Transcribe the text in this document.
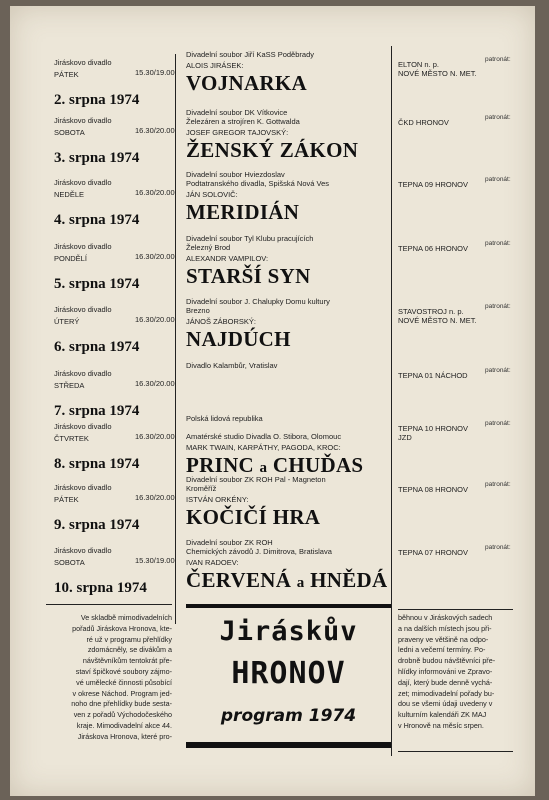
Jiráskovo divadlo
PÁTEK	15.30/19.00
2. srpna 1974
Divadelní soubor Jiří KaSS Poděbrady
ALOIS JIRÁSEK:
VOJNARKA
patronát:
ELTON n. p.
NOVÉ MĚSTO N. MET.
Jiráskovo divadlo
SOBOTA	16.30/20.00
3. srpna 1974
Divadelní soubor DK Vítkovice
Železáren a strojíren K. Gottwalda
JOSEF GREGOR TAJOVSKÝ:
ŽENSKÝ ZÁKON
patronát:
ČKD HRONOV
Jiráskovo divadlo
NEDĚLE	16.30/20.00
4. srpna 1974
Divadelní soubor Hviezdoslav
Podtatranského divadla, Spišská Nová Ves
JÁN SOLOVIČ:
MERIDIÁN
patronát:
TEPNA 09 HRONOV
Jiráskovo divadlo
PONDĚLÍ	16.30/20.00
5. srpna 1974
Divadelní soubor Tyl Klubu pracujících
Železný Brod
ALEXANDR VAMPILOV:
STARŠÍ SYN
patronát:
TEPNA 06 HRONOV
Jiráskovo divadlo
ÚTERÝ	16.30/20.00
6. srpna 1974
Divadelní soubor J. Chalupky Domu kultury
Brezno
JÁNOŠ ZÁBORSKÝ:
NAJDÚCH
patronát:
STAVOSTROJ n. p.
NOVÉ MĚSTO N. MET.
Jiráskovo divadlo
STŘEDA	16.30/20.00
7. srpna 1974
Divadlo Kalambůr, Vratislav
patronát:
TEPNA 01 NÁCHOD
Jiráskovo divadlo
ČTVRTEK	16.30/20.00
8. srpna 1974
Polská lidová republika

Amatérské studio Divadla O. Stibora, Olomouc
MARK TWAIN, KARPÁTHY, PAGODA, KROC:
PRINC a CHUĎAS
patronát:
TEPNA 10 HRONOV
JZD
Jiráskovo divadlo
PÁTEK	16.30/20.00
9. srpna 1974
Divadelní soubor ZK ROH Pal - Magneton
Kroměříž
ISTVÁN ORKÉNY:
KOČIČÍ HRA
patronát:
TEPNA 08 HRONOV
Jiráskovo divadlo
SOBOTA	15.30/19.00
10. srpna 1974
Divadelní soubor ZK ROH
Chemických závodů J. Dimitrova, Bratislava
IVAN RADOEV:
ČERVENÁ a HNĚDÁ
patronát:
TEPNA 07 HRONOV
Ve skladbě mimodivadelních
pořadů Jiráskova Hronova, kte-
ré už v programu přehlídky
zdomácněly, se divákům a
návštěvníkům tentokrát pře-
staví špičkové soubory zájmo-
vé umělecké činnosti působící
v okrese Náchod. Program jed-
noho dne přehlídky bude sesta-
ven z pořadů Východočeského
kraje. Mimodivadelní akce 44.
Jiráskova Hronova, které pro-
běhnou v Jiráskových sadech
a na dalších místech jsou při-
praveny ve většině na odpo-
ledni a večerní termíny. Po-
drobně budou návštěvníci pře-
hlídky informováni ve Zpravo-
dají, který bude denně vychá-
zet; mimodivadelní pořady bu-
dou se všemi údaji uvedeny v
kulturním kalendáři ZK MAJ
v Hronově na měsíc srpen.
Jiráskův
HRONOV
program 1974
